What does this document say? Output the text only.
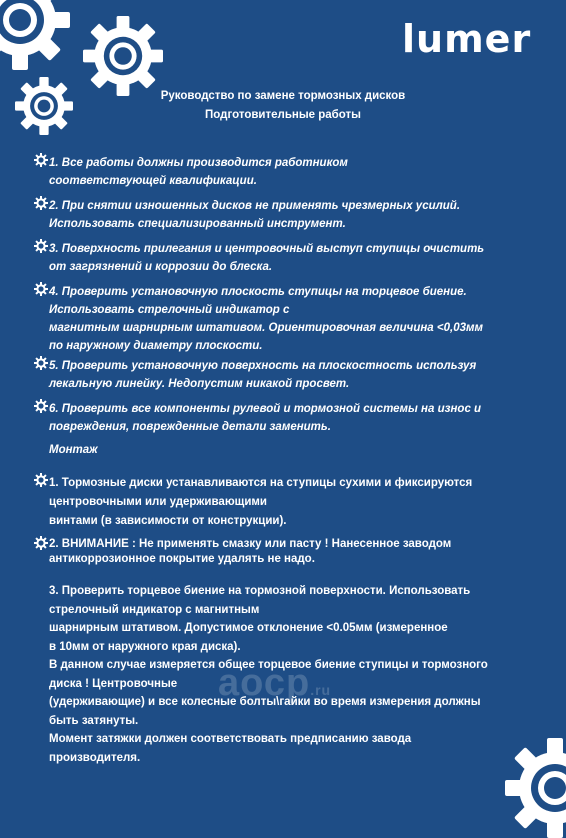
lumer
Руководство по замене тормозных дисков
Подготовительные работы
1. Все работы должны производится работником
соответствующей квалификации.
2. При снятии изношенных дисков не применять чрезмерных усилий.
Использовать специализированный инструмент.
3. Поверхность прилегания и центровочный выступ ступицы очистить
от загрязнений и коррозии до блеска.
4. Проверить установочную плоскость ступицы на торцевое биение.
Использовать стрелочный индикатор с
магнитным шарнирным штативом. Ориентировочная величина <0,03мм
по наружному диаметру плоскости.
5. Проверить установочную поверхность на плоскостность используя
лекальную линейку. Недопустим никакой просвет.
6. Проверить все компоненты рулевой и тормозной системы на износ и
повреждения, поврежденные детали заменить.
Монтаж
1. Тормозные диски устанавливаются на ступицы сухими и фиксируются
центровочными или удерживающими
винтами (в зависимости от конструкции).
2. ВНИМАНИЕ : Не применять смазку или пасту ! Нанесенное заводом
антикоррозионное покрытие удалять не надо.
3. Проверить торцевое биение на тормозной поверхности. Использовать
стрелочный индикатор с магнитным
шарнирным штативом. Допустимое отклонение <0.05мм (измеренное
в 10мм от наружного края диска).
В данном случае измеряется общее торцевое биение ступицы и тормозного
диска ! Центровочные
(удерживающие) и все колесные болты\гайки во время измерения должны
быть затянуты.
Момент затяжки должен соответствовать предписанию завода
производителя.
аоср.ru
